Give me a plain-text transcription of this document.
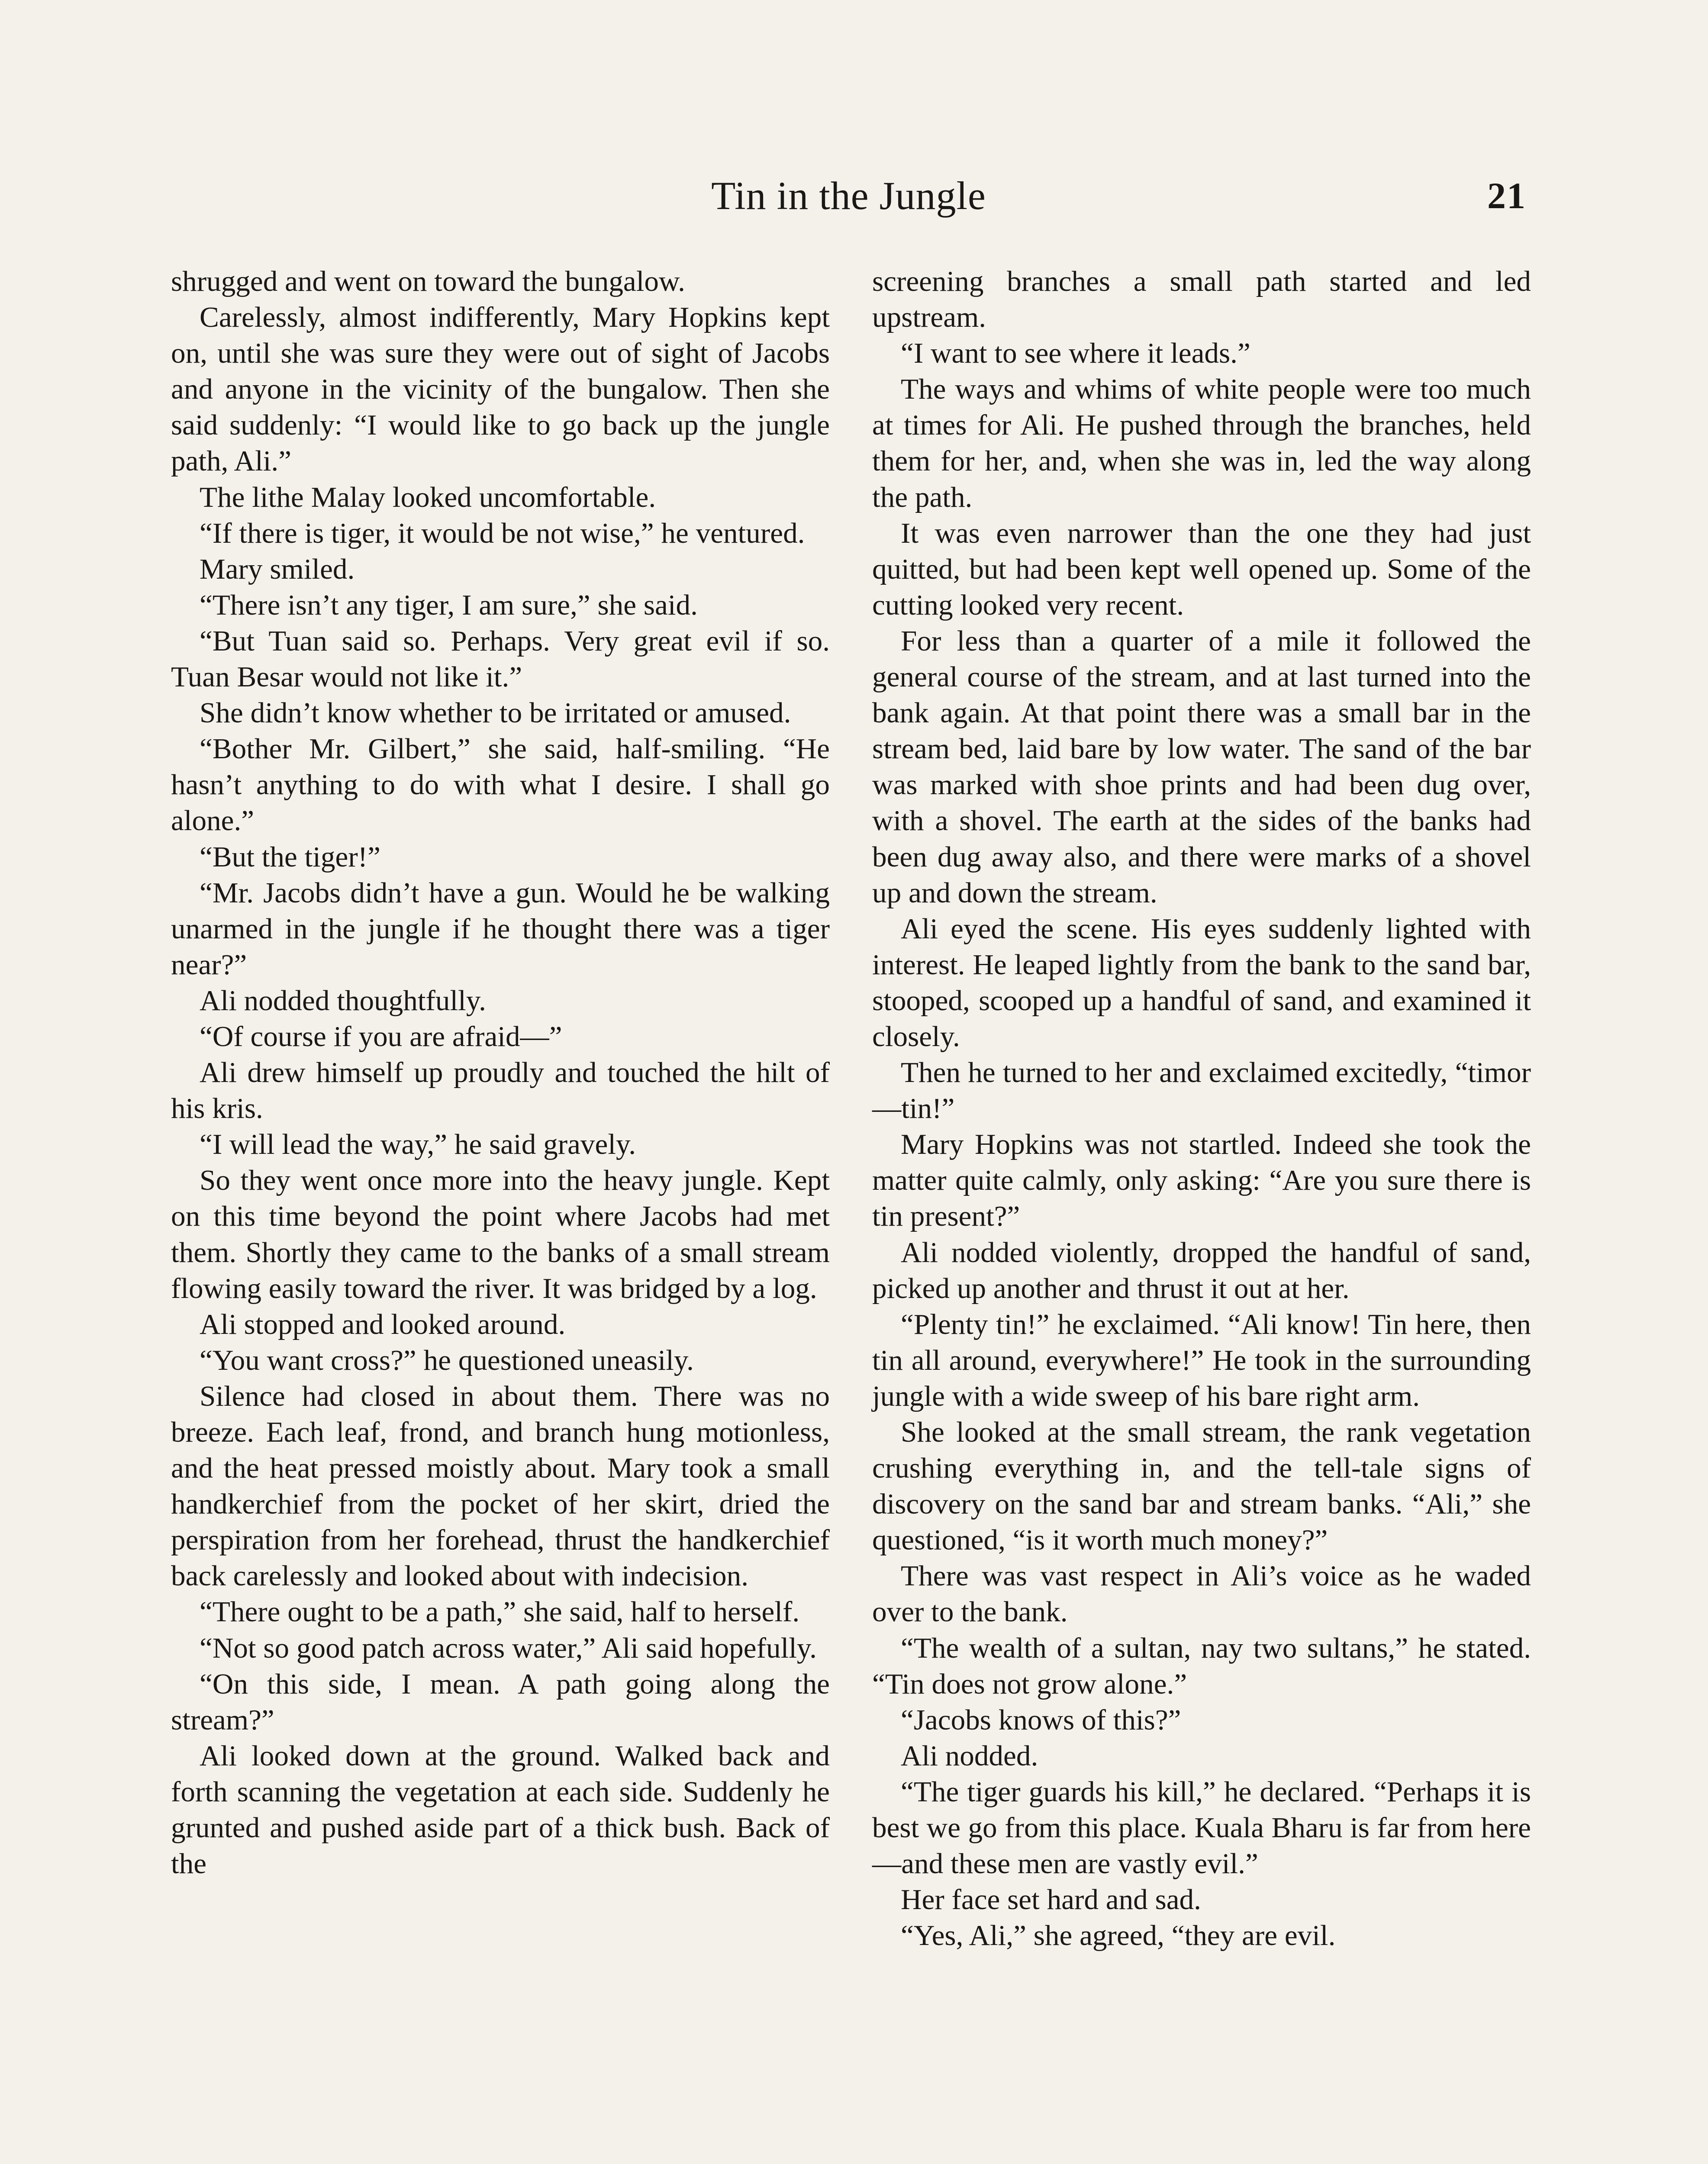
Tin in the Jungle	21

shrugged and went on toward the bungalow.

Carelessly, almost indifferently, Mary Hopkins kept on, until she was sure they were out of sight of Jacobs and anyone in the vicinity of the bungalow. Then she said suddenly: “I would like to go back up the jungle path, Ali.”

The lithe Malay looked uncomfortable.

“If there is tiger, it would be not wise,” he ventured.

Mary smiled.

“There isn’t any tiger, I am sure,” she said.

“But Tuan said so. Perhaps. Very great evil if so. Tuan Besar would not like it.”

She didn’t know whether to be irritated or amused.

“Bother Mr. Gilbert,” she said, half-smiling. “He hasn’t anything to do with what I desire. I shall go alone.”

“But the tiger!”

“Mr. Jacobs didn’t have a gun. Would he be walking unarmed in the jungle if he thought there was a tiger near?”

Ali nodded thoughtfully.

“Of course if you are afraid—”

Ali drew himself up proudly and touched the hilt of his kris.

“I will lead the way,” he said gravely.

So they went once more into the heavy jungle. Kept on this time beyond the point where Jacobs had met them. Shortly they came to the banks of a small stream flowing easily toward the river. It was bridged by a log.

Ali stopped and looked around.

“You want cross?” he questioned uneasily.

Silence had closed in about them. There was no breeze. Each leaf, frond, and branch hung motionless, and the heat pressed moistly about. Mary took a small handkerchief from the pocket of her skirt, dried the perspiration from her forehead, thrust the handkerchief back carelessly and looked about with indecision.

“There ought to be a path,” she said, half to herself.

“Not so good patch across water,” Ali said hopefully.

“On this side, I mean. A path going along the stream?”

Ali looked down at the ground. Walked back and forth scanning the vegetation at each side. Suddenly he grunted and pushed aside part of a thick bush. Back of the

screening branches a small path started and led upstream.

“I want to see where it leads.”

The ways and whims of white people were too much at times for Ali. He pushed through the branches, held them for her, and, when she was in, led the way along the path.

It was even narrower than the one they had just quitted, but had been kept well opened up. Some of the cutting looked very recent.

For less than a quarter of a mile it followed the general course of the stream, and at last turned into the bank again. At that point there was a small bar in the stream bed, laid bare by low water. The sand of the bar was marked with shoe prints and had been dug over, with a shovel. The earth at the sides of the banks had been dug away also, and there were marks of a shovel up and down the stream.

Ali eyed the scene. His eyes suddenly lighted with interest. He leaped lightly from the bank to the sand bar, stooped, scooped up a handful of sand, and examined it closely.

Then he turned to her and exclaimed excitedly, “timor—tin!”

Mary Hopkins was not startled. Indeed she took the matter quite calmly, only asking: “Are you sure there is tin present?”

Ali nodded violently, dropped the handful of sand, picked up another and thrust it out at her.

“Plenty tin!” he exclaimed. “Ali know! Tin here, then tin all around, everywhere!” He took in the surrounding jungle with a wide sweep of his bare right arm.

She looked at the small stream, the rank vegetation crushing everything in, and the tell-tale signs of discovery on the sand bar and stream banks. “Ali,” she questioned, “is it worth much money?”

There was vast respect in Ali’s voice as he waded over to the bank.

“The wealth of a sultan, nay two sultans,” he stated. “Tin does not grow alone.”

“Jacobs knows of this?”

Ali nodded.

“The tiger guards his kill,” he declared. “Perhaps it is best we go from this place. Kuala Bharu is far from here—and these men are vastly evil.”

Her face set hard and sad.

“Yes, Ali,” she agreed, “they are evil.
